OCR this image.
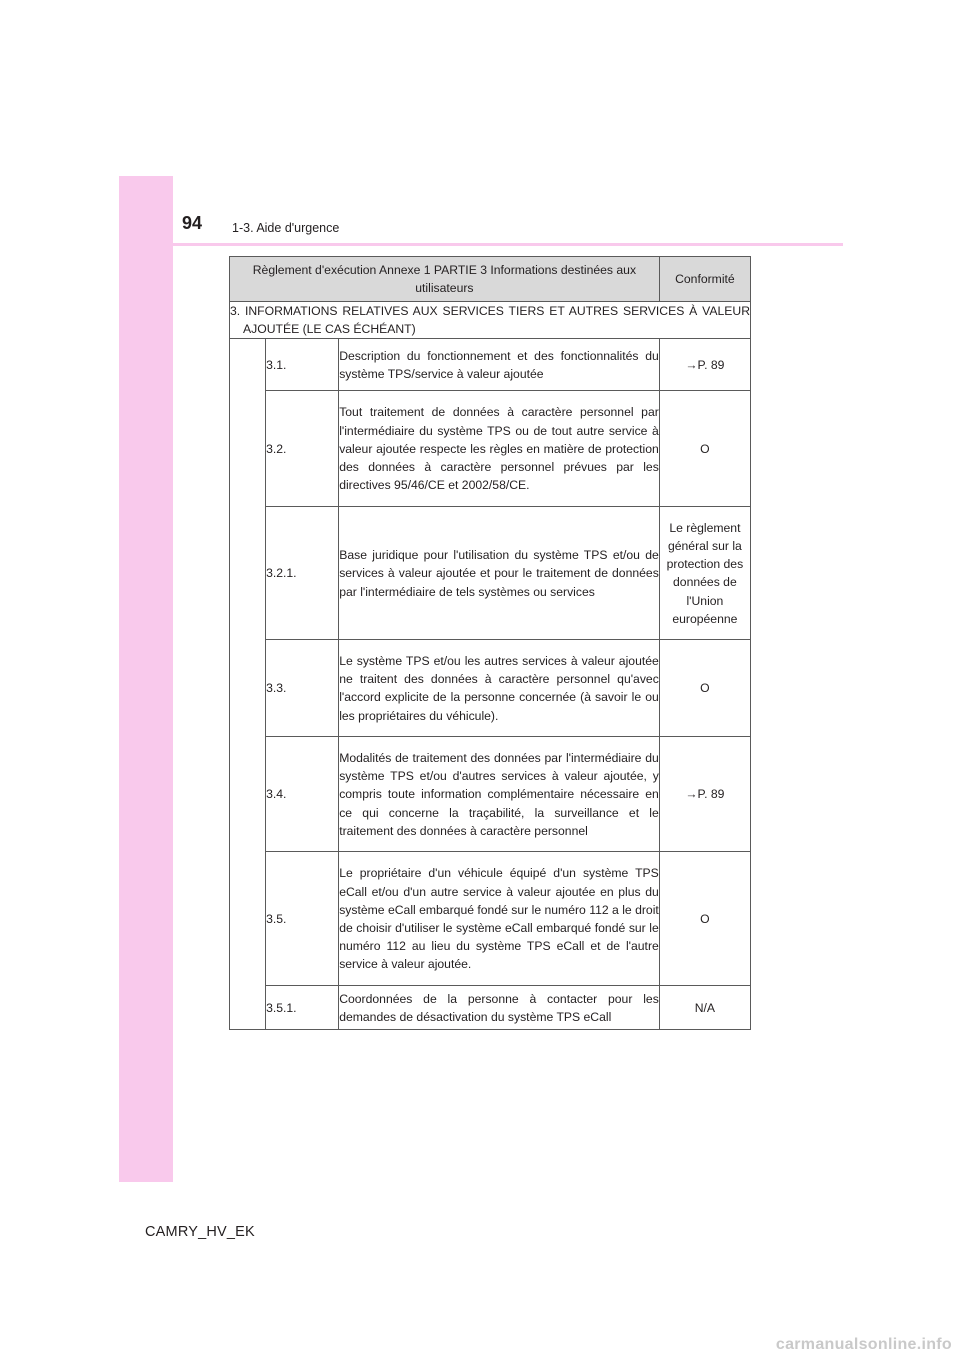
94 1-3. Aide d'urgence
Règlement d'exécution Annexe 1 PARTIE 3 Informations destinées aux utilisateurs			Conformité

3. INFORMATIONS RELATIVES AUX SERVICES TIERS ET AUTRES SERVICES À VALEUR AJOUTÉE (LE CAS ÉCHÉANT)			

	3.1.	Description du fonctionnement et des fonctionnalités du système TPS/service à valeur ajoutée	→P. 89
	3.2.	Tout traitement de données à caractère personnel par l'intermédiaire du système TPS ou de tout autre service à valeur ajoutée respecte les règles en matière de protection des données à caractère personnel prévues par les directives 95/46/CE et 2002/58/CE.	O
	3.2.1.	Base juridique pour l'utilisation du système TPS et/ou de services à valeur ajoutée et pour le traitement de données par l'intermédiaire de tels systèmes ou services	Le règlement général sur la protection des données de l'Union européenne
	3.3.	Le système TPS et/ou les autres services à valeur ajoutée ne traitent des données à caractère personnel qu'avec l'accord explicite de la personne concernée (à savoir le ou les propriétaires du véhicule).	O
	3.4.	Modalités de traitement des données par l'intermédiaire du système TPS et/ou d'autres services à valeur ajoutée, y compris toute information complémentaire nécessaire en ce qui concerne la traçabilité, la surveillance et le traitement des données à caractère personnel	→P. 89
	3.5.	Le propriétaire d'un véhicule équipé d'un système TPS eCall et/ou d'un autre service à valeur ajoutée en plus du système eCall embarqué fondé sur le numéro 112 a le droit de choisir d'utiliser le système eCall embarqué fondé sur le numéro 112 au lieu du système TPS eCall et de l'autre service à valeur ajoutée.	O
	3.5.1.	Coordonnées de la personne à contacter pour les demandes de désactivation du système TPS eCall	N/A
CAMRY_HV_EK
carmanualsonline.info
